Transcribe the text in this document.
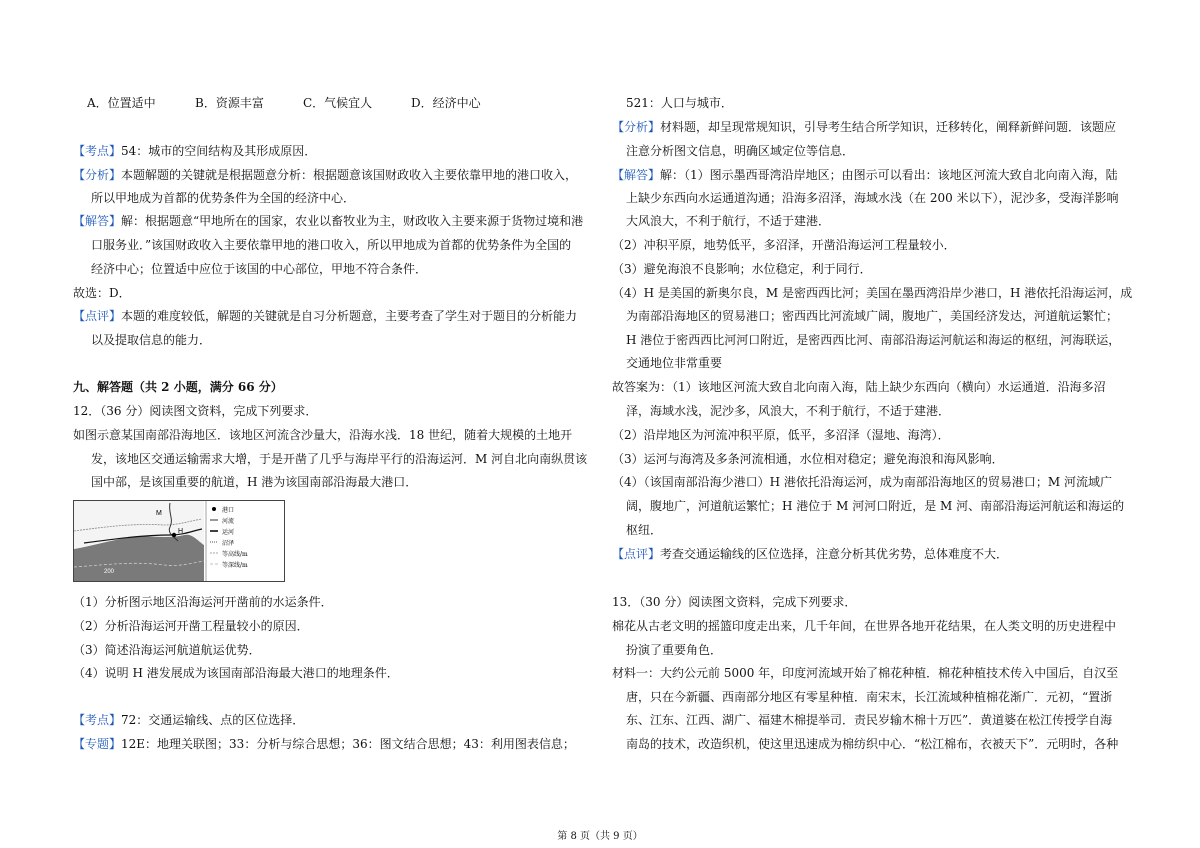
A．位置适中	B．资源丰富	C．气候宜人	D．经济中心
【考点】54：城市的空间结构及其形成原因．
【分析】本题解题的关键就是根据题意分析：根据题意该国财政收入主要依靠甲地的港口收入，
所以甲地成为首都的优势条件为全国的经济中心．
【解答】解：根据题意“甲地所在的国家，农业以畜牧业为主，财政收入主要来源于货物过境和港
口服务业．”该国财政收入主要依靠甲地的港口收入，所以甲地成为首都的优势条件为全国的
经济中心；位置适中应位于该国的中心部位，甲地不符合条件．
故选：D．
【点评】本题的难度较低，解题的关键就是自习分析题意，主要考查了学生对于题目的分析能力
以及提取信息的能力．
九、解答题（共 2 小题，满分 66 分）
12．（36 分）阅读图文资料，完成下列要求．
如图示意某国南部沿海地区．该地区河流含沙量大，沿海水浅．18 世纪，随着大规模的土地开
发，该地区交通运输需求大增，于是开凿了几乎与海岸平行的沿海运河．M 河自北向南纵贯该
国中部，是该国重要的航道，H 港为该国南部沿海最大港口．
H
M
200
港口
河流
运河
沼泽
等高线/m
等深线/m
（1）分析图示地区沿海运河开凿前的水运条件．
（2）分析沿海运河开凿工程量较小的原因．
（3）简述沿海运河航道航运优势．
（4）说明 H 港发展成为该国南部沿海最大港口的地理条件．
【考点】72：交通运输线、点的区位选择．
【专题】12E：地理关联图；33：分析与综合思想；36：图文结合思想；43：利用图表信息；
521：人口与城市．
【分析】材料题，却呈现常规知识，引导考生结合所学知识，迁移转化，阐释新鲜问题．该题应
注意分析图文信息，明确区域定位等信息．
【解答】解：（1）图示墨西哥湾沿岸地区；由图示可以看出：该地区河流大致自北向南入海，陆
上缺少东西向水运通道沟通；沿海多沼泽，海域水浅（在 200 米以下），泥沙多，受海洋影响
大风浪大，不利于航行，不适于建港．
（2）冲积平原，地势低平，多沼泽，开凿沿海运河工程量较小．
（3）避免海浪不良影响；水位稳定，利于同行．
（4）H 是美国的新奥尔良，M 是密西西比河；美国在墨西湾沿岸少港口，H 港依托沿海运河，成
为南部沿海地区的贸易港口；密西西比河流域广阔，腹地广，美国经济发达，河道航运繁忙；
H 港位于密西西比河河口附近，是密西西比河、南部沿海运河航运和海运的枢纽，河海联运，
交通地位非常重要
故答案为：（1）该地区河流大致自北向南入海，陆上缺少东西向（横向）水运通道．沿海多沼
泽，海域水浅，泥沙多，风浪大，不利于航行，不适于建港．
（2）沿岸地区为河流冲积平原，低平，多沼泽（湿地、海湾）．
（3）运河与海湾及多条河流相通，水位相对稳定；避免海浪和海风影响．
（4）（该国南部沿海少港口）H 港依托沿海运河，成为南部沿海地区的贸易港口；M 河流域广
阔，腹地广，河道航运繁忙；H 港位于 M 河河口附近，是 M 河、南部沿海运河航运和海运的
枢纽．
【点评】考查交通运输线的区位选择，注意分析其优劣势，总体难度不大．
13．（30 分）阅读图文资料，完成下列要求．
棉花从古老文明的摇篮印度走出来，几千年间，在世界各地开花结果，在人类文明的历史进程中
扮演了重要角色．
材料一：大约公元前 5000 年，印度河流域开始了棉花种植．棉花种植技术传入中国后，自汉至
唐，只在今新疆、西南部分地区有零星种植．南宋末，长江流域种植棉花渐广．元初，“置浙
东、江东、江西、湖广、福建木棉提举司．责民岁输木棉十万匹”．黄道婆在松江传授学自海
南岛的技术，改造织机，使这里迅速成为棉纺织中心．“松江棉布，衣被天下”．元明时，各种
第 8 页（共 9 页）
